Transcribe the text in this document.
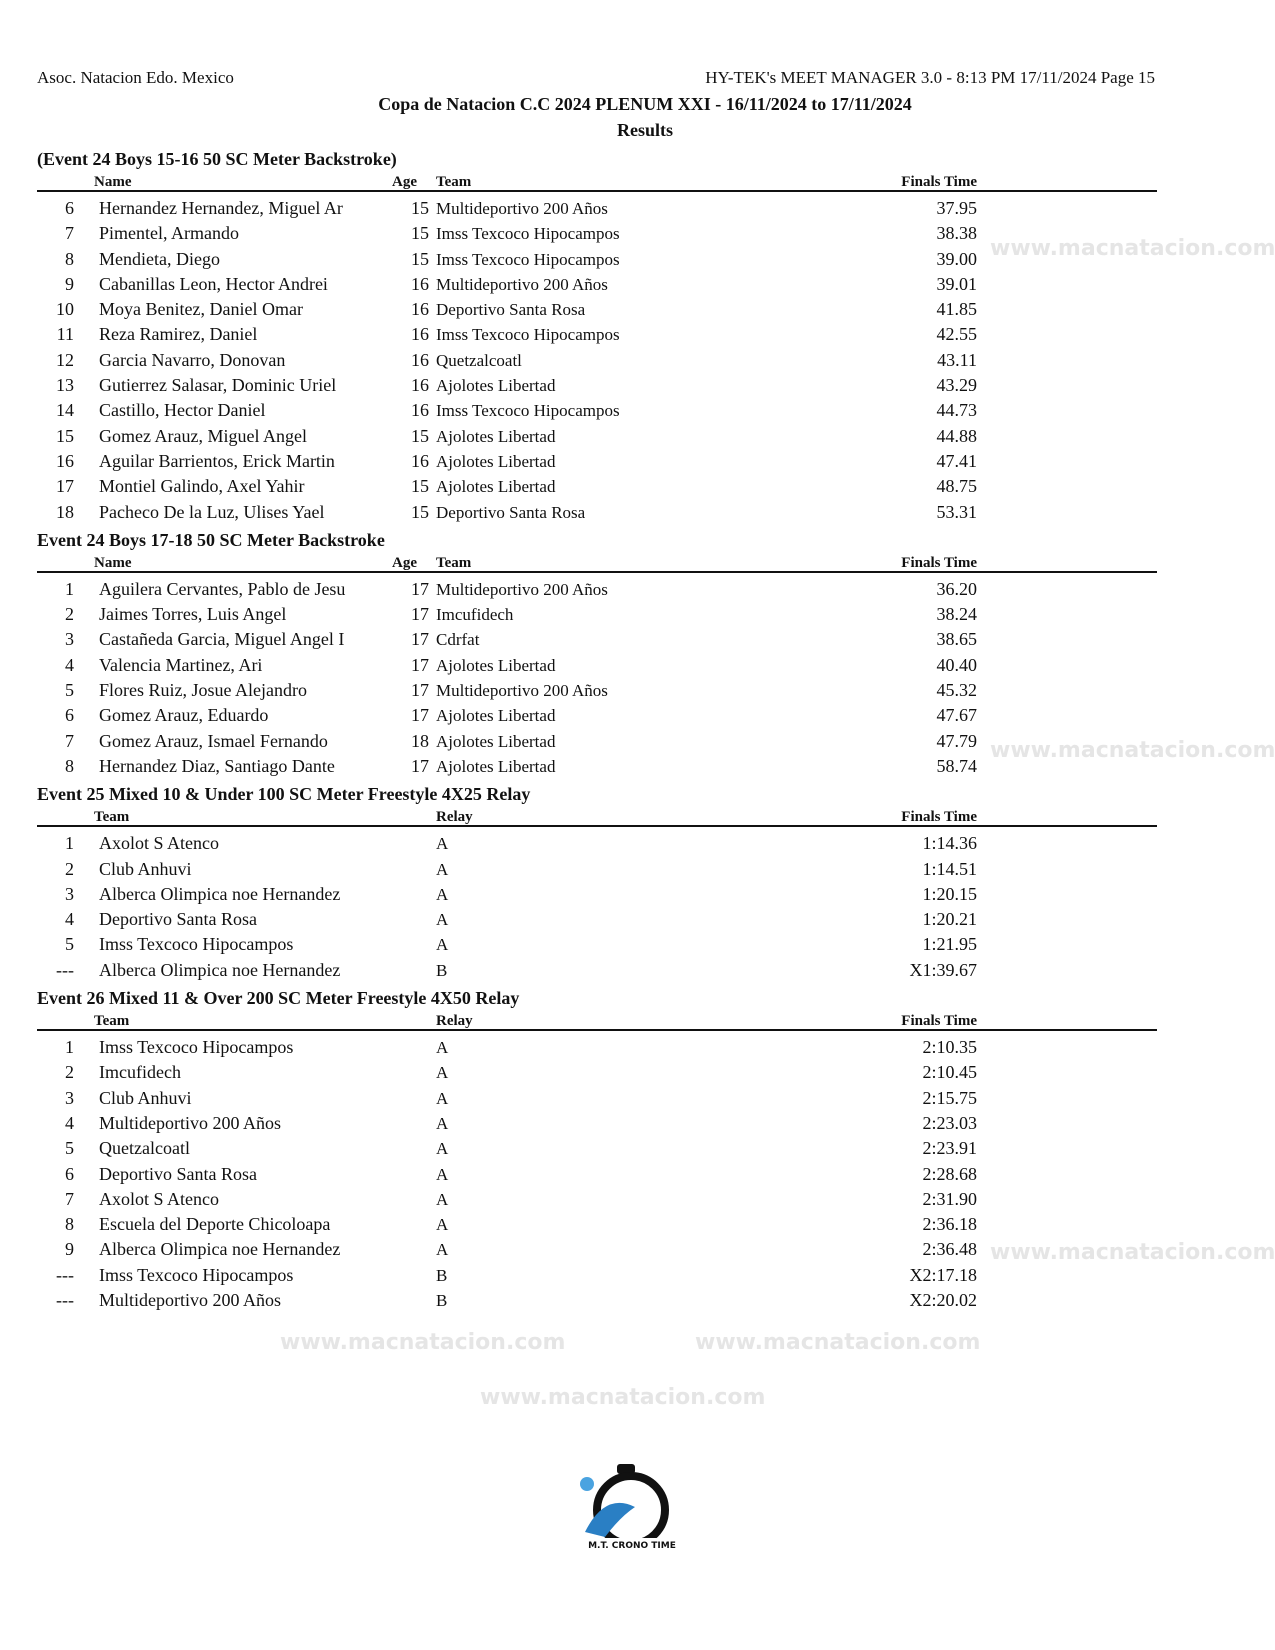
Asoc. Natacion Edo. Mexico	HY-TEK's MEET MANAGER 3.0 - 8:13 PM 17/11/2024 Page 15
Copa de Natacion C.C 2024 PLENUM XXI - 16/11/2024 to 17/11/2024
Results
(Event 24 Boys 15-16 50 SC Meter Backstroke)
Name	Age Team	Finals Time
6 Hernandez Hernandez, Miguel Ar	15 Multideportivo 200 Años	37.95
7 Pimentel, Armando	15 Imss Texcoco Hipocampos	38.38
8 Mendieta, Diego	15 Imss Texcoco Hipocampos	39.00
9 Cabanillas Leon, Hector Andrei	16 Multideportivo 200 Años	39.01
10 Moya Benitez, Daniel Omar	16 Deportivo Santa Rosa	41.85
11 Reza Ramirez, Daniel	16 Imss Texcoco Hipocampos	42.55
12 Garcia Navarro, Donovan	16 Quetzalcoatl	43.11
13 Gutierrez Salasar, Dominic Uriel	16 Ajolotes Libertad	43.29
14 Castillo, Hector Daniel	16 Imss Texcoco Hipocampos	44.73
15 Gomez Arauz, Miguel Angel	15 Ajolotes Libertad	44.88
16 Aguilar Barrientos, Erick Martin	16 Ajolotes Libertad	47.41
17 Montiel Galindo, Axel Yahir	15 Ajolotes Libertad	48.75
18 Pacheco De la Luz, Ulises Yael	15 Deportivo Santa Rosa	53.31
Event 24 Boys 17-18 50 SC Meter Backstroke
Name	Age Team	Finals Time
1 Aguilera Cervantes, Pablo de Jesu	17 Multideportivo 200 Años	36.20
2 Jaimes Torres, Luis Angel	17 Imcufidech	38.24
3 Castañeda Garcia, Miguel Angel I	17 Cdrfat	38.65
4 Valencia Martinez, Ari	17 Ajolotes Libertad	40.40
5 Flores Ruiz, Josue Alejandro	17 Multideportivo 200 Años	45.32
6 Gomez Arauz, Eduardo	17 Ajolotes Libertad	47.67
7 Gomez Arauz, Ismael Fernando	18 Ajolotes Libertad	47.79
8 Hernandez Diaz, Santiago Dante	17 Ajolotes Libertad	58.74
Event 25 Mixed 10 & Under 100 SC Meter Freestyle 4X25 Relay
Team	Relay	Finals Time
1 Axolot S Atenco	A	1:14.36
2 Club Anhuvi	A	1:14.51
3 Alberca Olimpica noe Hernandez	A	1:20.15
4 Deportivo Santa Rosa	A	1:20.21
5 Imss Texcoco Hipocampos	A	1:21.95
--- Alberca Olimpica noe Hernandez	B	X1:39.67
Event 26 Mixed 11 & Over 200 SC Meter Freestyle 4X50 Relay
Team	Relay	Finals Time
1 Imss Texcoco Hipocampos	A	2:10.35
2 Imcufidech	A	2:10.45
3 Club Anhuvi	A	2:15.75
4 Multideportivo 200 Años	A	2:23.03
5 Quetzalcoatl	A	2:23.91
6 Deportivo Santa Rosa	A	2:28.68
7 Axolot S Atenco	A	2:31.90
8 Escuela del Deporte Chicoloapa	A	2:36.18
9 Alberca Olimpica noe Hernandez	A	2:36.48
--- Imss Texcoco Hipocampos	B	X2:17.18
--- Multideportivo 200 Años	B	X2:20.02
www.macnatacion.com
www.macnatacion.com
www.macnatacion.com
www.macnatacion.com	www.macnatacion.com
www.macnatacion.com
M.T. CRONO TIME
